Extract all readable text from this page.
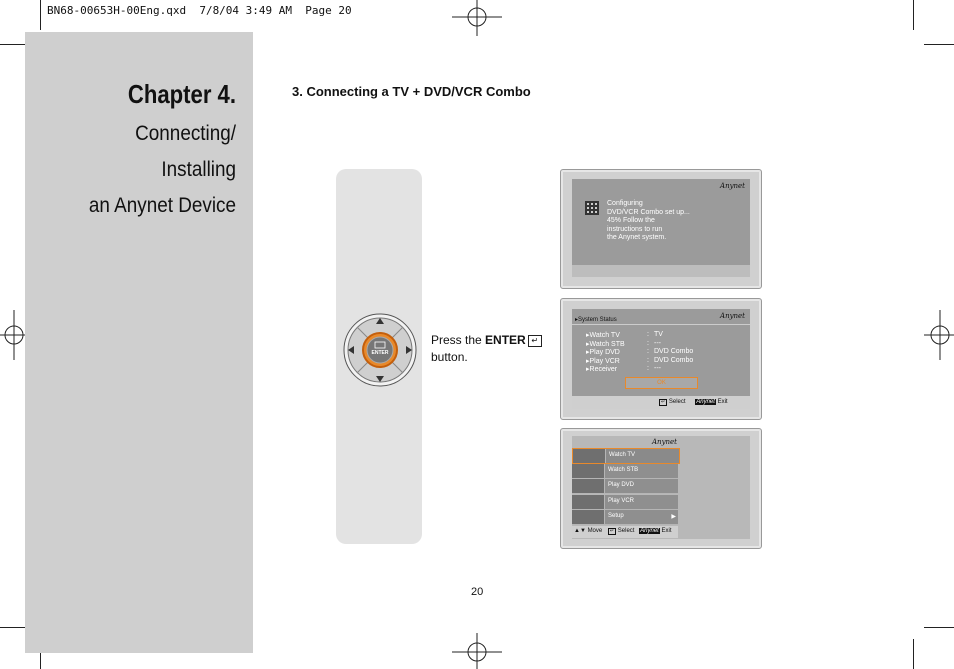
BN68-00653H-00Eng.qxd  7/8/04 3:49 AM  Page 20
Chapter 4.
Connecting/
Installing
an Anynet Device
3. Connecting a TV + DVD/VCR Combo
ENTER
Press the ENTER ↵
button.
Anynet
Configuring
DVD/VCR Combo set up...
45% Follow the
instructions to run
the Anynet system.
▸System Status	Anynet
▸Watch TV	: TV
▸Watch STB	: ---
▸Play DVD	: DVD Combo
▸Play VCR	: DVD Combo
▸Receiver	: ---
OK
↵ Select Anynet Exit
Anynet
Watch TV
Watch STB
Play DVD
Play VCR
Setup	▶
▲▼ Move ↵ Select Anynet Exit
20
